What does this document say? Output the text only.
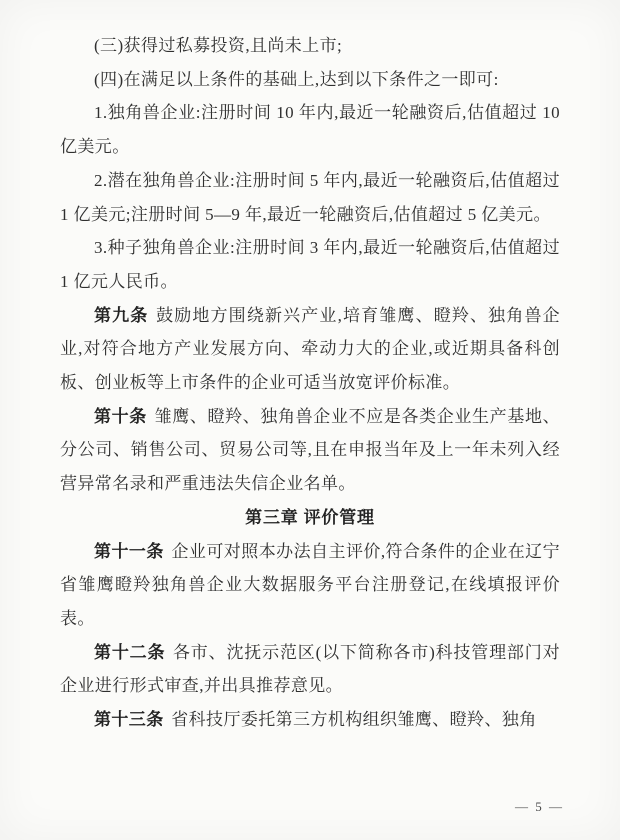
(三)获得过私募投资,且尚未上市;

(四)在满足以上条件的基础上,达到以下条件之一即可:

1.独角兽企业:注册时间 10 年内,最近一轮融资后,估值超过 10 亿美元。

2.潜在独角兽企业:注册时间 5 年内,最近一轮融资后,估值超过 1 亿美元;注册时间 5—9 年,最近一轮融资后,估值超过 5 亿美元。

3.种子独角兽企业:注册时间 3 年内,最近一轮融资后,估值超过 1 亿元人民币。

第九条 鼓励地方围绕新兴产业,培育雏鹰、瞪羚、独角兽企业,对符合地方产业发展方向、牵动力大的企业,或近期具备科创板、创业板等上市条件的企业可适当放宽评价标准。

第十条 雏鹰、瞪羚、独角兽企业不应是各类企业生产基地、分公司、销售公司、贸易公司等,且在申报当年及上一年未列入经营异常名录和严重违法失信企业名单。

第三章 评价管理

第十一条 企业可对照本办法自主评价,符合条件的企业在辽宁省雏鹰瞪羚独角兽企业大数据服务平台注册登记,在线填报评价表。

第十二条 各市、沈抚示范区(以下简称各市)科技管理部门对企业进行形式审查,并出具推荐意见。

第十三条 省科技厅委托第三方机构组织雏鹰、瞪羚、独角

— 5 —
